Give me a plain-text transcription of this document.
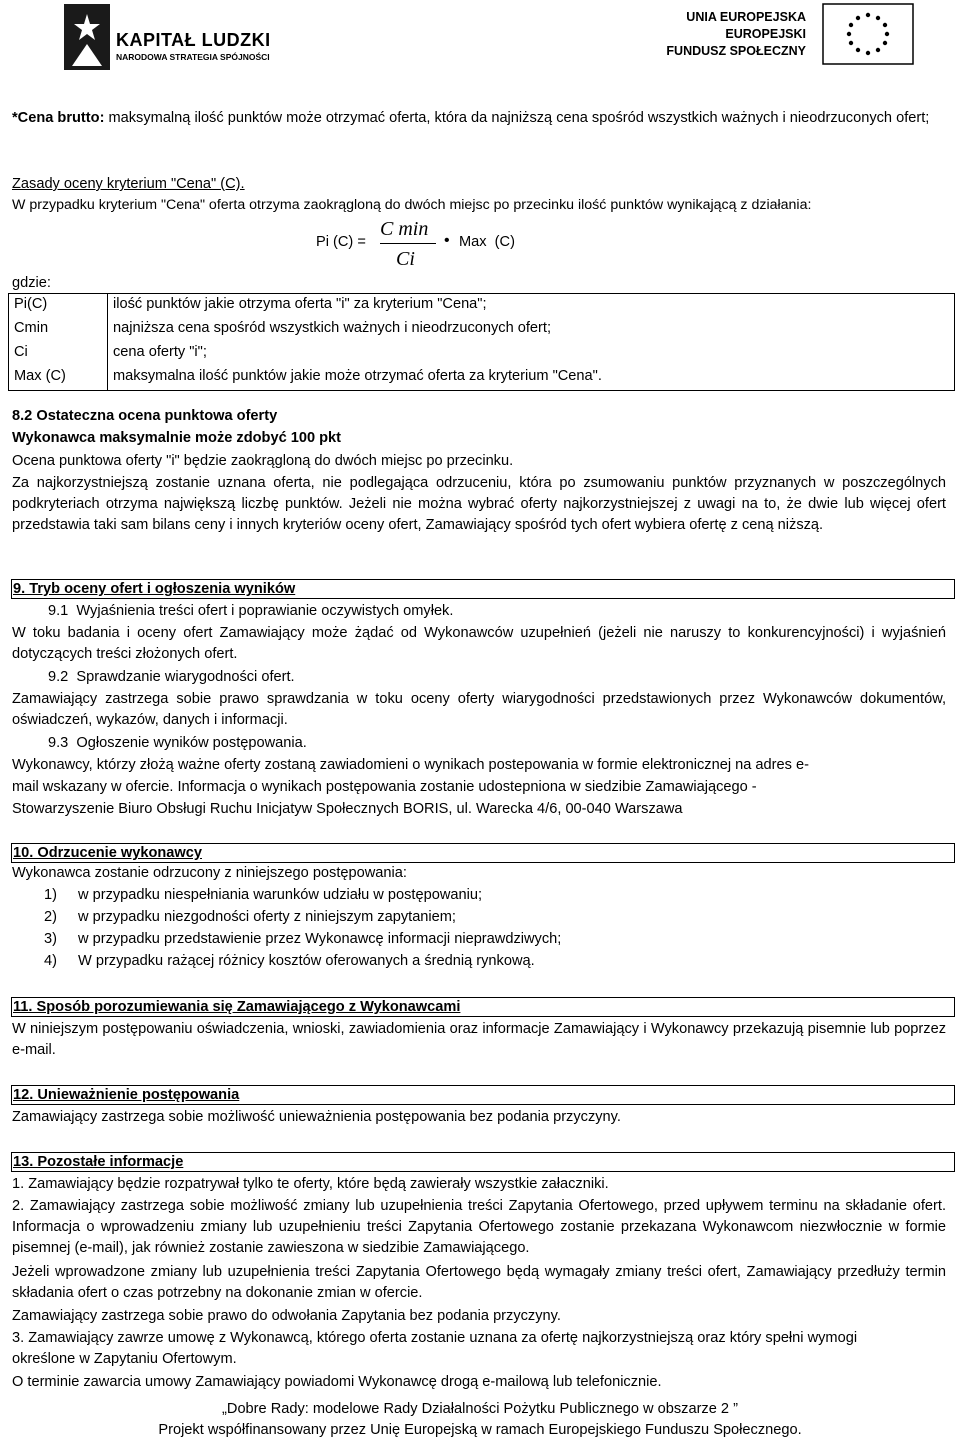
KAPITAŁ LUDZKI
NARODOWA STRATEGIA SPÓJNOŚCI
UNIA EUROPEJSKA
EUROPEJSKI
FUNDUSZ SPOŁECZNY
*Cena brutto: maksymalną ilość punktów może otrzymać oferta, która da najniższą cena spośród wszystkich ważnych i nieodrzuconych ofert;
Zasady oceny kryterium "Cena" (C).
W przypadku kryterium "Cena" oferta otrzyma zaokrągloną do dwóch miejsc po przecinku ilość punktów wynikającą z działania:
Pi (C) =
C min
Ci
• Max  (C)
gdzie:
Pi(C)	ilość punktów jakie otrzyma oferta "i" za kryterium "Cena";
Cmin	najniższa cena spośród wszystkich ważnych i nieodrzuconych ofert;
Ci	cena oferty "i";
Max (C)	maksymalna ilość punktów jakie może otrzymać oferta za kryterium "Cena".
8.2 Ostateczna ocena punktowa oferty
Wykonawca maksymalnie może zdobyć 100 pkt
Ocena punktowa oferty "i" będzie zaokrągloną do dwóch miejsc po przecinku.
Za najkorzystniejszą zostanie uznana oferta, nie podlegająca odrzuceniu, która po zsumowaniu punktów przyznanych w poszczególnych podkryteriach otrzyma największą liczbę punktów. Jeżeli nie można wybrać oferty najkorzystniejszej z uwagi na to, że dwie lub więcej ofert przedstawia taki sam bilans ceny i innych kryteriów oceny ofert, Zamawiający spośród tych ofert wybiera ofertę z ceną niższą.
9. Tryb oceny ofert i ogłoszenia wyników
9.1  Wyjaśnienia treści ofert i poprawianie oczywistych omyłek.
W toku badania i oceny ofert Zamawiający może żądać od Wykonawców uzupełnień (jeżeli nie naruszy to konkurencyjności) i wyjaśnień dotyczących treści złożonych ofert.
9.2  Sprawdzanie wiarygodności ofert.
Zamawiający zastrzega sobie prawo sprawdzania w toku oceny oferty wiarygodności przedstawionych przez Wykonawców dokumentów, oświadczeń, wykazów, danych i informacji.
9.3  Ogłoszenie wyników postępowania.
Wykonawcy, którzy złożą ważne oferty zostaną zawiadomieni o wynikach postepowania w formie elektronicznej na adres e-
mail wskazany w ofercie. Informacja o wynikach postępowania zostanie udostepniona w siedzibie Zamawiającego -
Stowarzyszenie Biuro Obsługi Ruchu Inicjatyw Społecznych BORIS, ul. Warecka 4/6, 00-040 Warszawa
10. Odrzucenie wykonawcy
Wykonawca zostanie odrzucony z niniejszego postępowania:
1) w przypadku niespełniania warunków udziału w postępowaniu;
2) w przypadku niezgodności oferty z niniejszym zapytaniem;
3) w przypadku przedstawienie przez Wykonawcę informacji nieprawdziwych;
4) W przypadku rażącej różnicy kosztów oferowanych a średnią rynkową.
11. Sposób porozumiewania się Zamawiającego z Wykonawcami
W niniejszym postępowaniu oświadczenia, wnioski, zawiadomienia oraz informacje Zamawiający i Wykonawcy przekazują pisemnie lub poprzez e-mail.
12. Unieważnienie postępowania
Zamawiający zastrzega sobie możliwość unieważnienia postępowania bez podania przyczyny.
13. Pozostałe informacje
1. Zamawiający będzie rozpatrywał tylko te oferty, które będą zawierały wszystkie załaczniki.
2. Zamawiający zastrzega sobie możliwość zmiany lub uzupełnienia treści Zapytania Ofertowego, przed upływem terminu na składanie ofert. Informacja o wprowadzeniu zmiany lub uzupełnieniu treści Zapytania Ofertowego zostanie przekazana Wykonawcom niezwłocznie w formie pisemnej (e-mail), jak również zostanie zawieszona w siedzibie Zamawiającego.
Jeżeli wprowadzone zmiany lub uzupełnienia treści Zapytania Ofertowego będą wymagały zmiany treści ofert, Zamawiający przedłuży termin składania ofert o czas potrzebny na dokonanie zmian w ofercie.
Zamawiający zastrzega sobie prawo do odwołania Zapytania bez podania przyczyny.
3. Zamawiający zawrze umowę z Wykonawcą, którego oferta zostanie uznana za ofertę najkorzystniejszą oraz który spełni wymogi określone w Zapytaniu Ofertowym.
O terminie zawarcia umowy Zamawiający powiadomi Wykonawcę drogą e-mailową lub telefonicznie.
„Dobre Rady: modelowe Rady Działalności Pożytku Publicznego w obszarze 2 ”
Projekt współfinansowany przez Unię Europejską w ramach Europejskiego Funduszu Społecznego.
